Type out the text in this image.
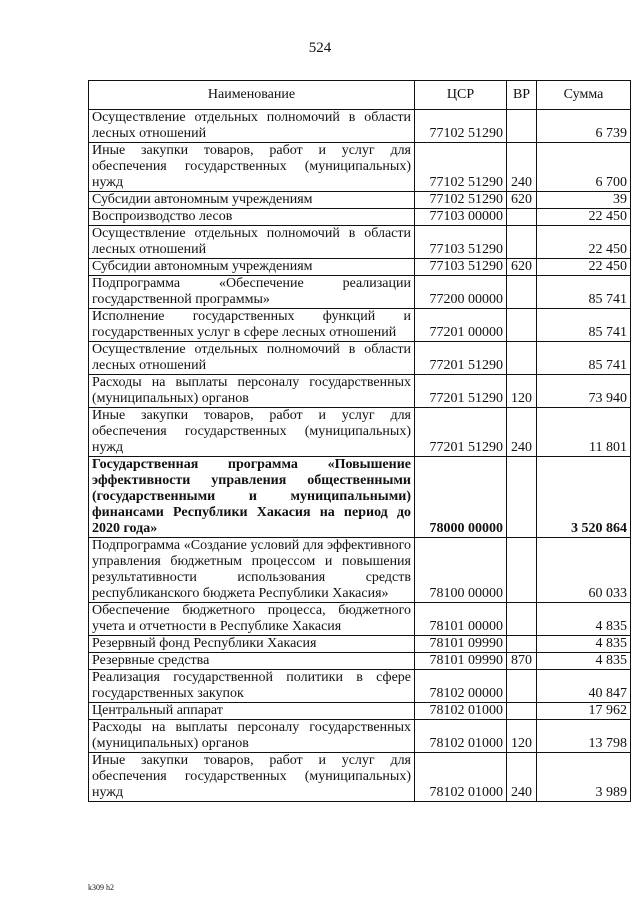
524
Наименование	ЦСР	ВР	Сумма
Осуществление отдельных полномочий в области лесных отношений	77102 51290		6 739
Иные закупки товаров, работ и услуг для обеспечения государственных (муниципальных) нужд	77102 51290	240	6 700
Субсидии автономным учреждениям	77102 51290	620	39
Воспроизводство лесов	77103 00000		22 450
Осуществление отдельных полномочий в области лесных отношений	77103 51290		22 450
Субсидии автономным учреждениям	77103 51290	620	22 450
Подпрограмма «Обеспечение реализации государственной программы»	77200 00000		85 741
Исполнение государственных функций и государственных услуг в сфере лесных отношений	77201 00000		85 741
Осуществление отдельных полномочий в области лесных отношений	77201 51290		85 741
Расходы на выплаты персоналу государственных (муниципальных) органов	77201 51290	120	73 940
Иные закупки товаров, работ и услуг для обеспечения государственных (муниципальных) нужд	77201 51290	240	11 801
Государственная программа «Повышение эффективности управления общественными (государственными и муниципальными) финансами Республики Хакасия на период до 2020 года»	78000 00000		3 520 864
Подпрограмма «Создание условий для эффективного управления бюджетным процессом и повышения результативности использования средств республиканского бюджета Республики Хакасия»	78100 00000		60 033
Обеспечение бюджетного процесса, бюджетного учета и отчетности в Республике Хакасия	78101 00000		4 835
Резервный фонд Республики Хакасия	78101 09990		4 835
Резервные средства	78101 09990	870	4 835
Реализация государственной политики в сфере государственных закупок	78102 00000		40 847
Центральный аппарат	78102 01000		17 962
Расходы на выплаты персоналу государственных (муниципальных) органов	78102 01000	120	13 798
Иные закупки товаров, работ и услуг для обеспечения государственных (муниципальных) нужд	78102 01000	240	3 989
k309 h2
